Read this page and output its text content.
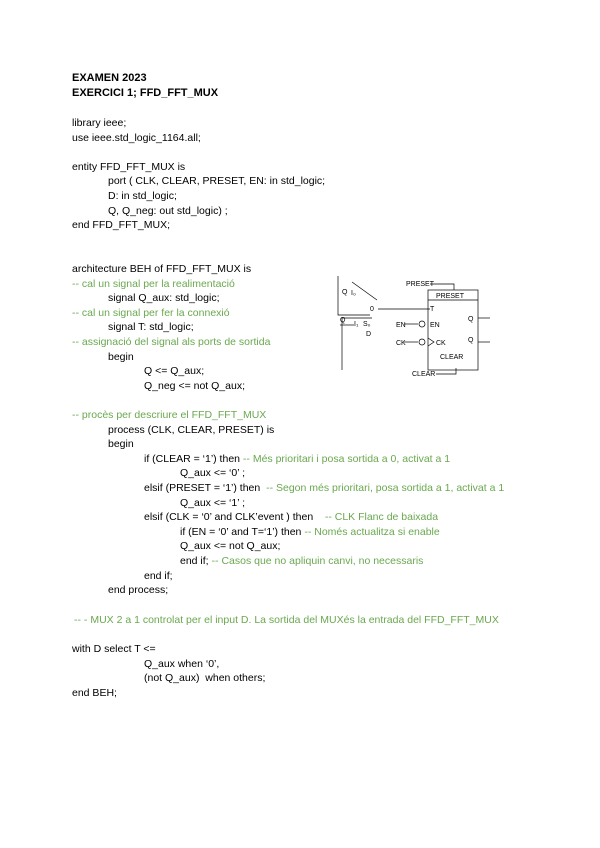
EXAMEN 2023
EXERCICI 1; FFD_FFT_MUX
library ieee;
use ieee.std_logic_1164.all;
entity FFD_FFT_MUX is
port ( CLK, CLEAR, PRESET, EN: in std_logic;
D: in std_logic;
Q, Q_neg: out std_logic) ;
end FFD_FFT_MUX;
architecture BEH of FFD_FFT_MUX is
-- cal un signal per la realimentació
signal Q_aux: std_logic;
-- cal un signal per fer la connexió
signal T: std_logic;
-- assignació del signal als ports de sortida
begin
Q <= Q_aux;
Q_neg <= not Q_aux;
-- procès per descriure el FFD_FFT_MUX
process (CLK, CLEAR, PRESET) is
begin
if (CLEAR = ‘1’) then -- Més prioritari i posa sortida a 0, activat a 1
Q_aux <= ‘0’ ;
elsif (PRESET = ‘1’) then -- Segon més prioritari, posa sortida a 1, activat a 1
Q_aux <= ‘1’ ;
elsif (CLK = ‘0’ and CLK’event ) then -- CLK Flanc de baixada
if (EN = ‘0’ and T=‘1’) then -- Només actualitza si enable
Q_aux <= not Q_aux;
end if; -- Casos que no apliquin canvi, no necessaris
end if;
end process;
-- - MUX 2 a 1 controlat per el input D. La sortida del MUXés la entrada del FFD_FFT_MUX
with D select T <=
Q_aux when ‘0’,
(not Q_aux)  when others;
end BEH;
Q I₀
Q
I₁ S₀
D
0
PRESET
PRESET
T
EN	EN
CK	CK
CLEAR
CLEAR
Q
Q
